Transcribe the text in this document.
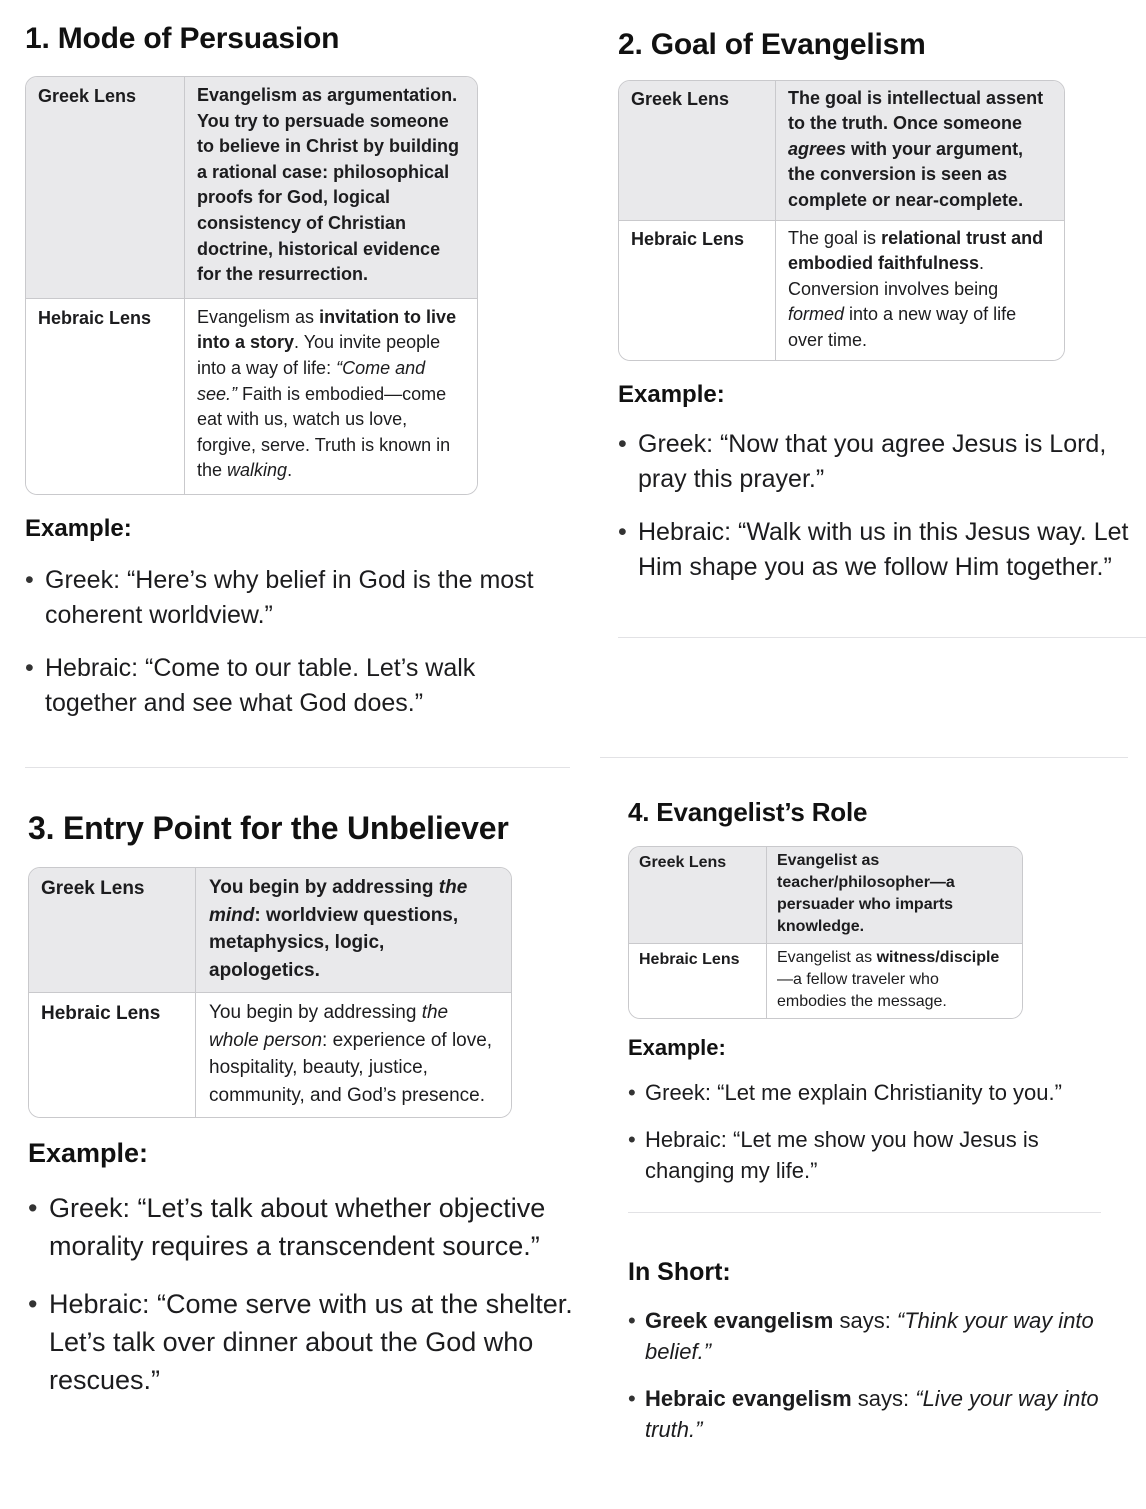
1. Mode of Persuasion
Greek Lens	Evangelism as argumentation. You try to persuade someone to believe in Christ by building a rational case: philosophical proofs for God, logical consistency of Christian doctrine, historical evidence for the resurrection.
Hebraic Lens	Evangelism as invitation to live into a story. You invite people into a way of life: “Come and see.” Faith is embodied—come eat with us, watch us love, forgive, serve. Truth is known in the walking.
Example:
• Greek: “Here’s why belief in God is the most coherent worldview.”
• Hebraic: “Come to our table. Let’s walk together and see what God does.”
2. Goal of Evangelism
Greek Lens	The goal is intellectual assent to the truth. Once someone agrees with your argument, the conversion is seen as complete or near-complete.
Hebraic Lens	The goal is relational trust and embodied faithfulness. Conversion involves being formed into a new way of life over time.
Example:
• Greek: “Now that you agree Jesus is Lord, pray this prayer.”
• Hebraic: “Walk with us in this Jesus way. Let Him shape you as we follow Him together.”
3. Entry Point for the Unbeliever
Greek Lens	You begin by addressing the mind: worldview questions, metaphysics, logic, apologetics.
Hebraic Lens	You begin by addressing the whole person: experience of love, hospitality, beauty, justice, community, and God’s presence.
Example:
• Greek: “Let’s talk about whether objective morality requires a transcendent source.”
• Hebraic: “Come serve with us at the shelter. Let’s talk over dinner about the God who rescues.”
4. Evangelist’s Role
Greek Lens	Evangelist as teacher/philosopher—a persuader who imparts knowledge.
Hebraic Lens	Evangelist as witness/disciple—a fellow traveler who embodies the message.
Example:
• Greek: “Let me explain Christianity to you.”
• Hebraic: “Let me show you how Jesus is changing my life.”
In Short:
• Greek evangelism says: “Think your way into belief.”
• Hebraic evangelism says: “Live your way into truth.”
